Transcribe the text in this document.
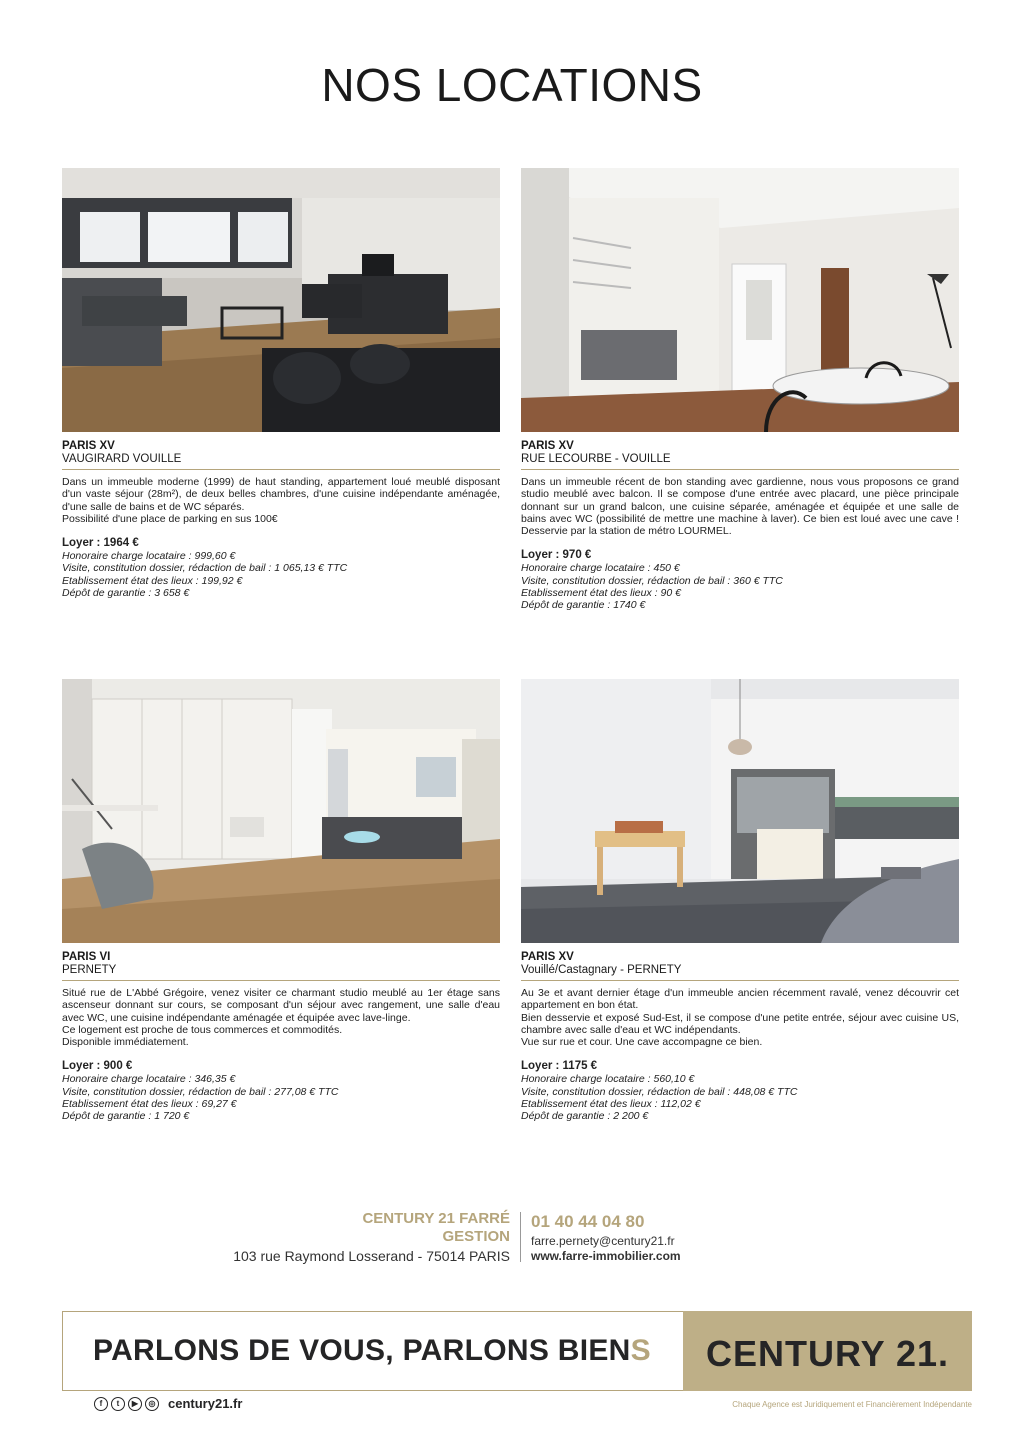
NOS LOCATIONS
PARIS XV
VAUGIRARD VOUILLE

Dans un immeuble moderne (1999) de haut standing, appartement loué meublé disposant d'un vaste séjour (28m²), de deux belles chambres, d'une cuisine indépendante aménagée, d'une salle de bains et de WC séparés.

Possibilité d'une place de parking en sus 100€

Loyer : 1964 €
Honoraire charge locataire : 999,60 €
Visite, constitution dossier, rédaction de bail : 1 065,13 € TTC
Etablissement état des lieux : 199,92 €
Dépôt de garantie : 3 658 €
PARIS XV
RUE LECOURBE - VOUILLE

Dans un immeuble récent de bon standing avec gardienne, nous vous proposons ce grand studio meublé avec balcon. Il se compose d'une entrée avec placard, une pièce principale donnant sur un grand balcon, une cuisine séparée, aménagée et équipée et une salle de bains avec WC (possibilité de mettre une machine à laver). Ce bien est loué avec une cave ! Desservie par la station de métro LOURMEL.

Loyer : 970 €
Honoraire charge locataire : 450 €
Visite, constitution dossier, rédaction de bail : 360 € TTC
Etablissement état des lieux : 90 €
Dépôt de garantie : 1740 €
PARIS VI
PERNETY

Situé rue de L'Abbé Grégoire, venez visiter ce charmant studio meublé au 1er étage sans ascenseur donnant sur cours, se composant d'un séjour avec rangement, une salle d'eau avec WC, une cuisine indépendante aménagée et équipée avec lave-linge.

Ce logement est proche de tous commerces et commodités.

Disponible immédiatement.

Loyer : 900 €
Honoraire charge locataire : 346,35 €
Visite, constitution dossier, rédaction de bail : 277,08 € TTC
Etablissement état des lieux : 69,27 €
Dépôt de garantie : 1 720 €
PARIS XV
Vouillé/Castagnary - PERNETY

Au 3e et avant dernier étage d'un immeuble ancien récemment ravalé, venez découvrir cet appartement en bon état.

Bien desservie et exposé Sud-Est, il se compose d'une petite entrée, séjour avec cuisine US, chambre avec salle d'eau et WC indépendants.

Vue sur rue et cour. Une cave accompagne ce bien.

Loyer : 1175 €
Honoraire charge locataire : 560,10 €
Visite, constitution dossier, rédaction de bail : 448,08 € TTC
Etablissement état des lieux : 112,02 €
Dépôt de garantie : 2 200 €
CENTURY 21 FARRÉ
GESTION
103 rue Raymond Losserand - 75014 PARIS
01 40 44 04 80
farre.pernety@century21.fr
www.farre-immobilier.com
PARLONS DE VOUS, PARLONS BIENS	CENTURY 21.
f	t	▶	◎ century21.fr	Chaque Agence est Juridiquement et Financièrement Indépendante
